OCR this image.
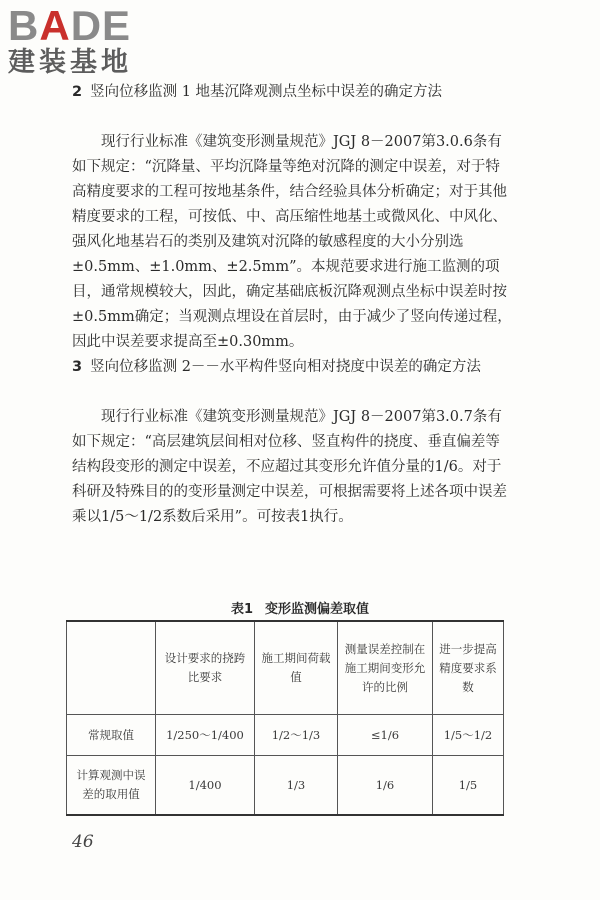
BADE
建装基地
2 竖向位移监测 1 地基沉降观测点坐标中误差的确定方法
现行行业标准《建筑变形测量规范》JGJ 8－2007第3.0.6条有如下规定：“沉降量、平均沉降量等绝对沉降的测定中误差，对于特高精度要求的工程可按地基条件，结合经验具体分析确定；对于其他精度要求的工程，可按低、中、高压缩性地基土或微风化、中风化、强风化地基岩石的类别及建筑对沉降的敏感程度的大小分别选±0.5mm、±1.0mm、±2.5mm”。本规范要求进行施工监测的项目，通常规模较大，因此，确定基础底板沉降观测点坐标中误差时按±0.5mm确定；当观测点埋设在首层时，由于减少了竖向传递过程，因此中误差要求提高至±0.30mm。
3 竖向位移监测 2－－水平构件竖向相对挠度中误差的确定方法
现行行业标准《建筑变形测量规范》JGJ 8－2007第3.0.7条有如下规定：“高层建筑层间相对位移、竖直构件的挠度、垂直偏差等结构段变形的测定中误差，不应超过其变形允许值分量的1/6。对于科研及特殊目的的变形量测定中误差，可根据需要将上述各项中误差乘以1/5～1/2系数后采用”。可按表1执行。
表1 变形监测偏差取值
	设计要求的挠跨比要求	施工期间荷载值	测量误差控制在施工期间变形允许的比例	进一步提高精度要求系数
常规取值	1/250～1/400	1/2～1/3	≤1/6	1/5～1/2
计算观测中误差的取用值	1/400	1/3	1/6	1/5
46
